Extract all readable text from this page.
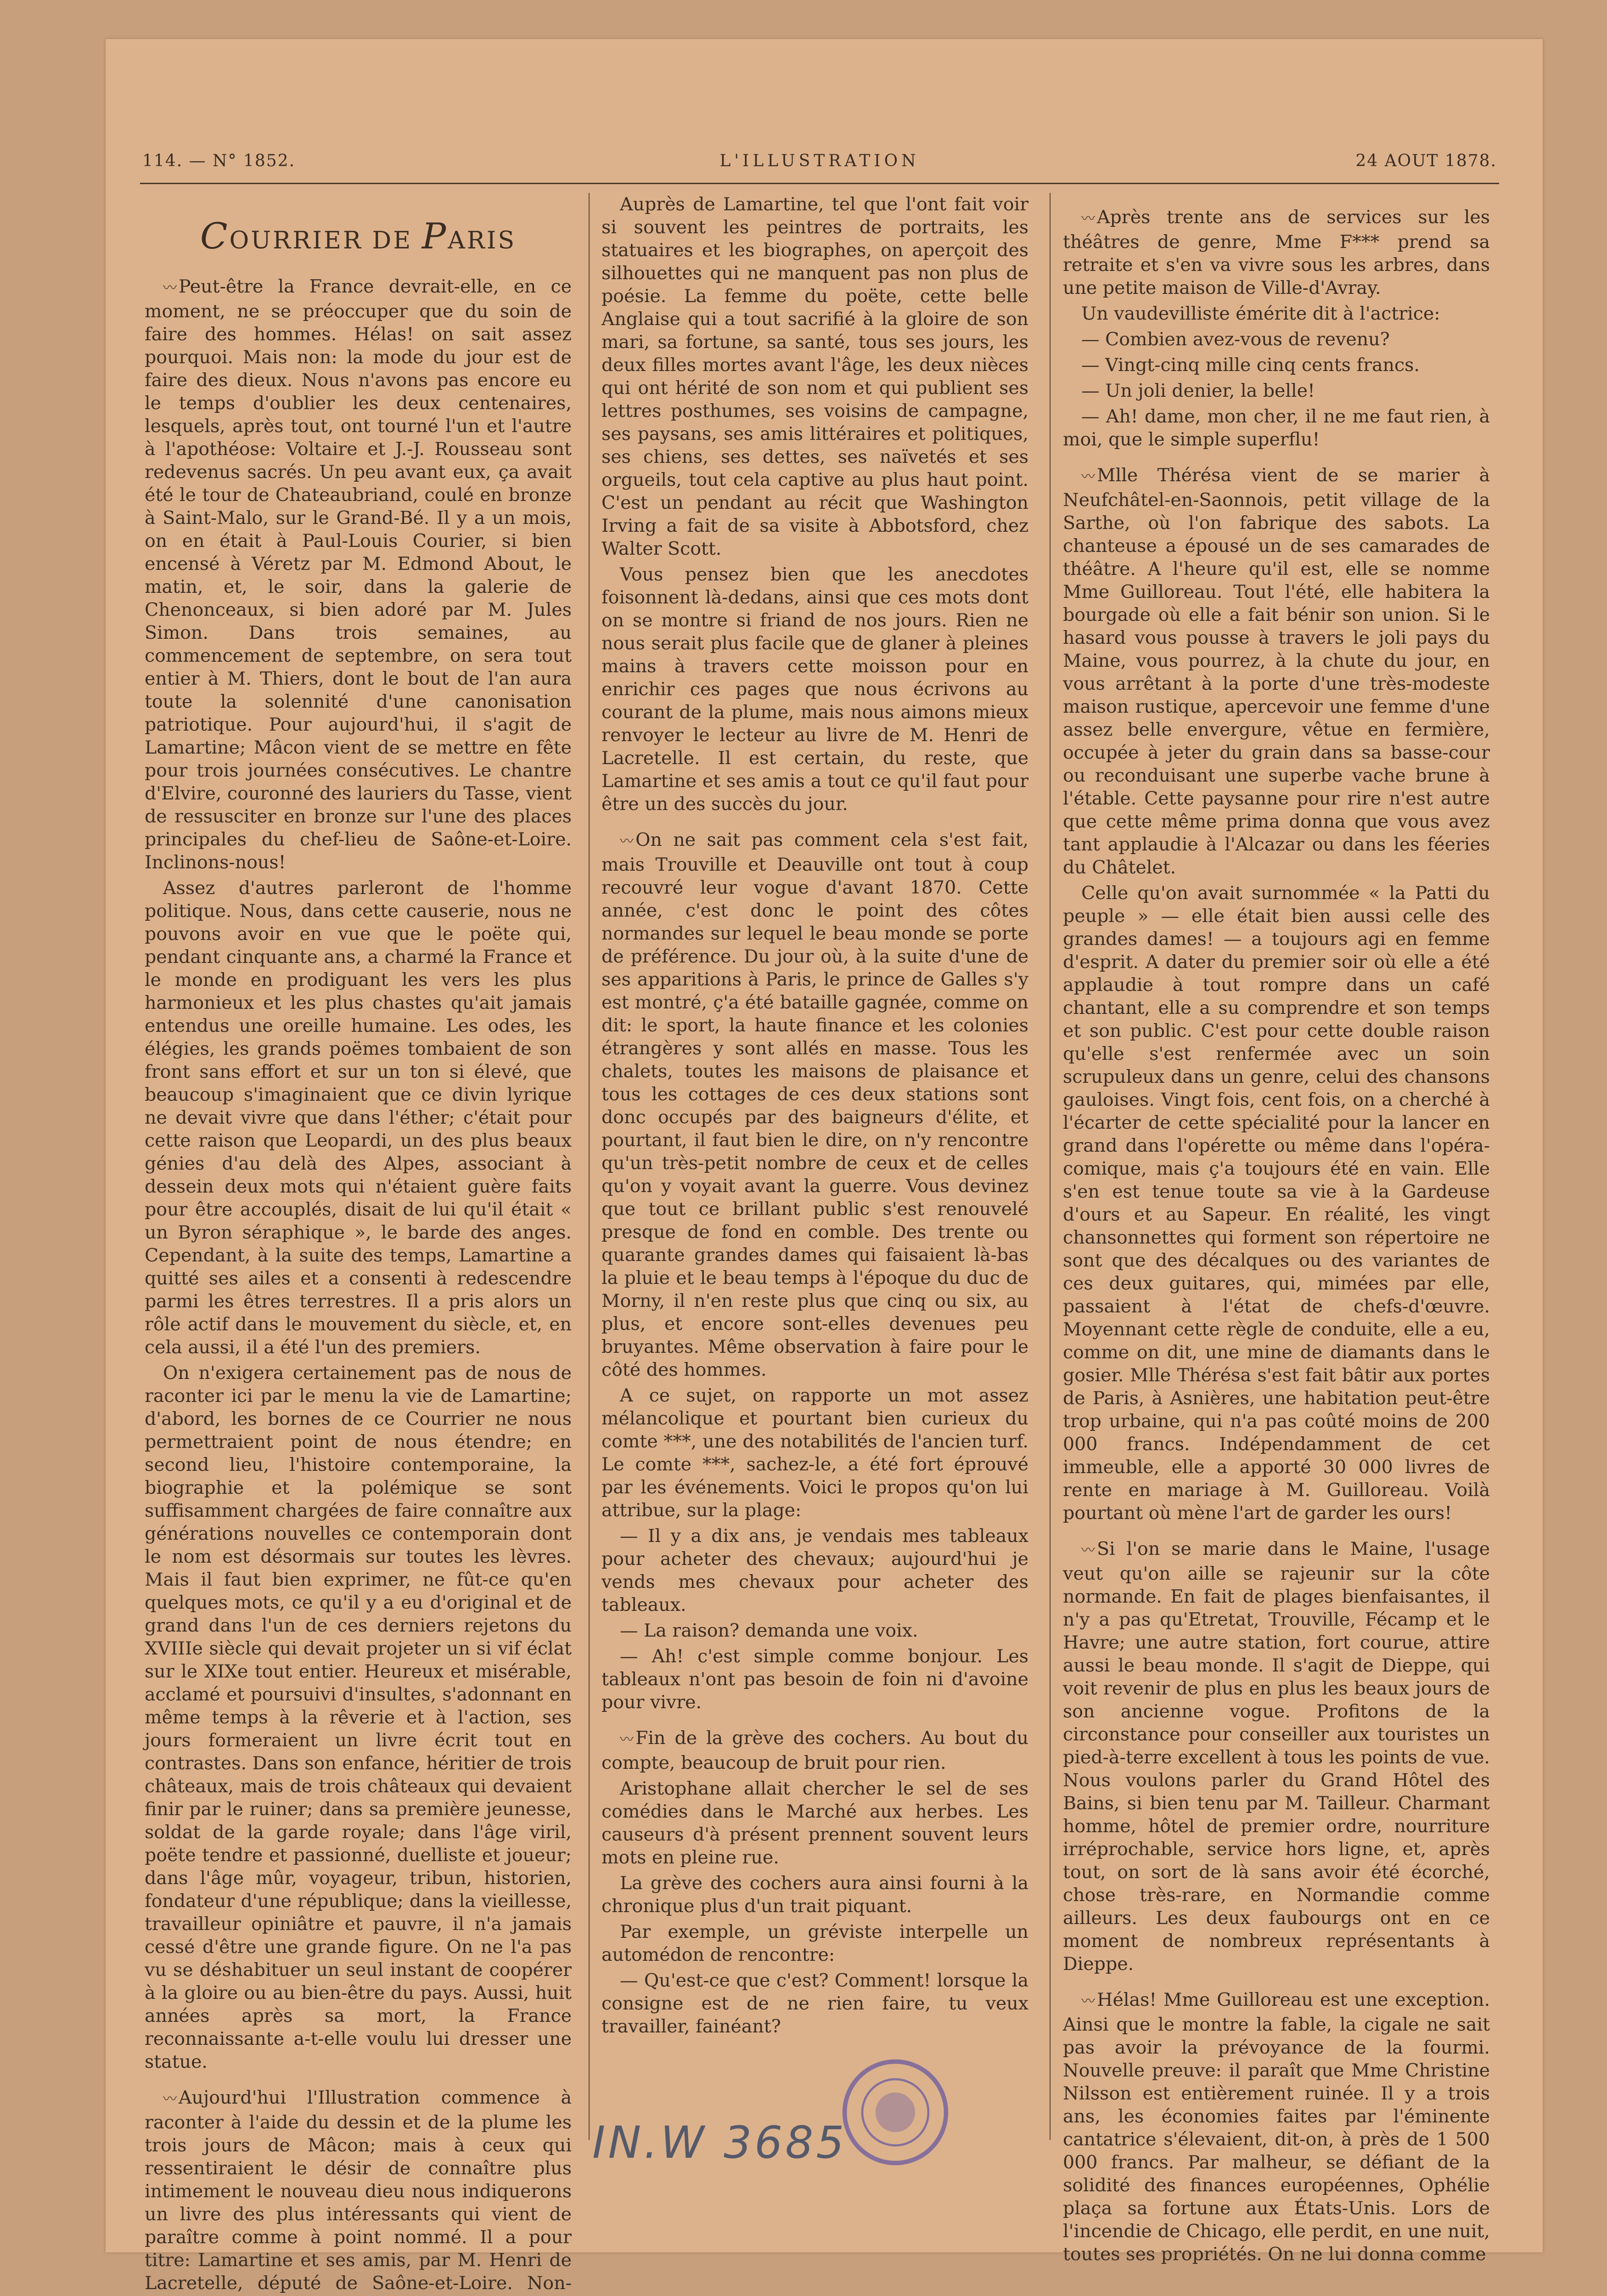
114. — N° 1852.	L'ILLUSTRATION	24 AOUT 1878.
COURRIER DE PARIS

〰 Peut-être la France devrait-elle, en ce moment, ne se préoccuper que du soin de faire des hommes. Hélas! on sait assez pourquoi. Mais non: la mode du jour est de faire des dieux. Nous n'avons pas encore eu le temps d'oublier les deux centenaires, lesquels, après tout, ont tourné l'un et l'autre à l'apothéose: Voltaire et J.-J. Rousseau sont redevenus sacrés. Un peu avant eux, ça avait été le tour de Chateaubriand, coulé en bronze à Saint-Malo, sur le Grand-Bé. Il y a un mois, on en était à Paul-Louis Courier, si bien encensé à Véretz par M. Edmond About, le matin, et, le soir, dans la galerie de Chenonceaux, si bien adoré par M. Jules Simon. Dans trois semaines, au commencement de septembre, on sera tout entier à M. Thiers, dont le bout de l'an aura toute la solennité d'une canonisation patriotique. Pour aujourd'hui, il s'agit de Lamartine; Mâcon vient de se mettre en fête pour trois journées consécutives. Le chantre d'Elvire, couronné des lauriers du Tasse, vient de ressusciter en bronze sur l'une des places principales du chef-lieu de Saône-et-Loire. Inclinons-nous!

Assez d'autres parleront de l'homme politique. Nous, dans cette causerie, nous ne pouvons avoir en vue que le poëte qui, pendant cinquante ans, a charmé la France et le monde en prodiguant les vers les plus harmonieux et les plus chastes qu'ait jamais entendus une oreille humaine. Les odes, les élégies, les grands poëmes tombaient de son front sans effort et sur un ton si élevé, que beaucoup s'imaginaient que ce divin lyrique ne devait vivre que dans l'éther; c'était pour cette raison que Leopardi, un des plus beaux génies d'au delà des Alpes, associant à dessein deux mots qui n'étaient guère faits pour être accouplés, disait de lui qu'il était « un Byron séraphique », le barde des anges. Cependant, à la suite des temps, Lamartine a quitté ses ailes et a consenti à redescendre parmi les êtres terrestres. Il a pris alors un rôle actif dans le mouvement du siècle, et, en cela aussi, il a été l'un des premiers.

On n'exigera certainement pas de nous de raconter ici par le menu la vie de Lamartine; d'abord, les bornes de ce Courrier ne nous permettraient point de nous étendre; en second lieu, l'histoire contemporaine, la biographie et la polémique se sont suffisamment chargées de faire connaître aux générations nouvelles ce contemporain dont le nom est désormais sur toutes les lèvres. Mais il faut bien exprimer, ne fût-ce qu'en quelques mots, ce qu'il y a eu d'original et de grand dans l'un de ces derniers rejetons du XVIIIe siècle qui devait projeter un si vif éclat sur le XIXe tout entier. Heureux et misérable, acclamé et poursuivi d'insultes, s'adonnant en même temps à la rêverie et à l'action, ses jours formeraient un livre écrit tout en contrastes. Dans son enfance, héritier de trois châteaux, mais de trois châteaux qui devaient finir par le ruiner; dans sa première jeunesse, soldat de la garde royale; dans l'âge viril, poëte tendre et passionné, duelliste et joueur; dans l'âge mûr, voyageur, tribun, historien, fondateur d'une république; dans la vieillesse, travailleur opiniâtre et pauvre, il n'a jamais cessé d'être une grande figure. On ne l'a pas vu se déshabituer un seul instant de coopérer à la gloire ou au bien-être du pays. Aussi, huit années après sa mort, la France reconnaissante a-t-elle voulu lui dresser une statue.

〰 Aujourd'hui l'Illustration commence à raconter à l'aide du dessin et de la plume les trois jours de Mâcon; mais à ceux qui ressentiraient le désir de connaître plus intimement le nouveau dieu nous indiquerons un livre des plus intéressants qui vient de paraître comme à point nommé. Il a pour titre: Lamartine et ses amis, par M. Henri de Lacretelle, député de Saône-et-Loire. Non-

Auprès de Lamartine, tel que l'ont fait voir si souvent les peintres de portraits, les statuaires et les biographes, on aperçoit des silhouettes qui ne manquent pas non plus de poésie. La femme du poëte, cette belle Anglaise qui a tout sacrifié à la gloire de son mari, sa fortune, sa santé, tous ses jours, les deux filles mortes avant l'âge, les deux nièces qui ont hérité de son nom et qui publient ses lettres posthumes, ses voisins de campagne, ses paysans, ses amis littéraires et politiques, ses chiens, ses dettes, ses naïvetés et ses orgueils, tout cela captive au plus haut point. C'est un pendant au récit que Washington Irving a fait de sa visite à Abbotsford, chez Walter Scott.

Vous pensez bien que les anecdotes foisonnent là-dedans, ainsi que ces mots dont on se montre si friand de nos jours. Rien ne nous serait plus facile que de glaner à pleines mains à travers cette moisson pour en enrichir ces pages que nous écrivons au courant de la plume, mais nous aimons mieux renvoyer le lecteur au livre de M. Henri de Lacretelle. Il est certain, du reste, que Lamartine et ses amis a tout ce qu'il faut pour être un des succès du jour.

〰 On ne sait pas comment cela s'est fait, mais Trouville et Deauville ont tout à coup recouvré leur vogue d'avant 1870. Cette année, c'est donc le point des côtes normandes sur lequel le beau monde se porte de préférence. Du jour où, à la suite d'une de ses apparitions à Paris, le prince de Galles s'y est montré, ç'a été bataille gagnée, comme on dit: le sport, la haute finance et les colonies étrangères y sont allés en masse. Tous les chalets, toutes les maisons de plaisance et tous les cottages de ces deux stations sont donc occupés par des baigneurs d'élite, et pourtant, il faut bien le dire, on n'y rencontre qu'un très-petit nombre de ceux et de celles qu'on y voyait avant la guerre. Vous devinez que tout ce brillant public s'est renouvelé presque de fond en comble. Des trente ou quarante grandes dames qui faisaient là-bas la pluie et le beau temps à l'époque du duc de Morny, il n'en reste plus que cinq ou six, au plus, et encore sont-elles devenues peu bruyantes. Même observation à faire pour le côté des hommes.

A ce sujet, on rapporte un mot assez mélancolique et pourtant bien curieux du comte ***, une des notabilités de l'ancien turf. Le comte ***, sachez-le, a été fort éprouvé par les événements. Voici le propos qu'on lui attribue, sur la plage:

— Il y a dix ans, je vendais mes tableaux pour acheter des chevaux; aujourd'hui je vends mes chevaux pour acheter des tableaux.

— La raison? demanda une voix.

— Ah! c'est simple comme bonjour. Les tableaux n'ont pas besoin de foin ni d'avoine pour vivre.

〰 Fin de la grève des cochers. Au bout du compte, beaucoup de bruit pour rien.

Aristophane allait chercher le sel de ses comédies dans le Marché aux herbes. Les causeurs d'à présent prennent souvent leurs mots en pleine rue.

La grève des cochers aura ainsi fourni à la chronique plus d'un trait piquant.

Par exemple, un gréviste interpelle un automédon de rencontre:

— Qu'est-ce que c'est? Comment! lorsque la consigne est de ne rien faire, tu veux travailler, fainéant?

〰 Après trente ans de services sur les théâtres de genre, Mme F*** prend sa retraite et s'en va vivre sous les arbres, dans une petite maison de Ville-d'Avray.

Un vaudevilliste émérite dit à l'actrice:

— Combien avez-vous de revenu?

— Vingt-cinq mille cinq cents francs.

— Un joli denier, la belle!

— Ah! dame, mon cher, il ne me faut rien, à moi, que le simple superflu!

〰 Mlle Thérésa vient de se marier à Neufchâtel-en-Saonnois, petit village de la Sarthe, où l'on fabrique des sabots. La chanteuse a épousé un de ses camarades de théâtre. A l'heure qu'il est, elle se nomme Mme Guilloreau. Tout l'été, elle habitera la bourgade où elle a fait bénir son union. Si le hasard vous pousse à travers le joli pays du Maine, vous pourrez, à la chute du jour, en vous arrêtant à la porte d'une très-modeste maison rustique, apercevoir une femme d'une assez belle envergure, vêtue en fermière, occupée à jeter du grain dans sa basse-cour ou reconduisant une superbe vache brune à l'étable. Cette paysanne pour rire n'est autre que cette même prima donna que vous avez tant applaudie à l'Alcazar ou dans les féeries du Châtelet.

Celle qu'on avait surnommée « la Patti du peuple » — elle était bien aussi celle des grandes dames! — a toujours agi en femme d'esprit. A dater du premier soir où elle a été applaudie à tout rompre dans un café chantant, elle a su comprendre et son temps et son public. C'est pour cette double raison qu'elle s'est renfermée avec un soin scrupuleux dans un genre, celui des chansons gauloises. Vingt fois, cent fois, on a cherché à l'écarter de cette spécialité pour la lancer en grand dans l'opérette ou même dans l'opéra-comique, mais ç'a toujours été en vain. Elle s'en est tenue toute sa vie à la Gardeuse d'ours et au Sapeur. En réalité, les vingt chansonnettes qui forment son répertoire ne sont que des décalques ou des variantes de ces deux guitares, qui, mimées par elle, passaient à l'état de chefs-d'œuvre. Moyennant cette règle de conduite, elle a eu, comme on dit, une mine de diamants dans le gosier. Mlle Thérésa s'est fait bâtir aux portes de Paris, à Asnières, une habitation peut-être trop urbaine, qui n'a pas coûté moins de 200 000 francs. Indépendamment de cet immeuble, elle a apporté 30 000 livres de rente en mariage à M. Guilloreau. Voilà pourtant où mène l'art de garder les ours!

〰 Si l'on se marie dans le Maine, l'usage veut qu'on aille se rajeunir sur la côte normande. En fait de plages bienfaisantes, il n'y a pas qu'Etretat, Trouville, Fécamp et le Havre; une autre station, fort courue, attire aussi le beau monde. Il s'agit de Dieppe, qui voit revenir de plus en plus les beaux jours de son ancienne vogue. Profitons de la circonstance pour conseiller aux touristes un pied-à-terre excellent à tous les points de vue. Nous voulons parler du Grand Hôtel des Bains, si bien tenu par M. Tailleur. Charmant homme, hôtel de premier ordre, nourriture irréprochable, service hors ligne, et, après tout, on sort de là sans avoir été écorché, chose très-rare, en Normandie comme ailleurs. Les deux faubourgs ont en ce moment de nombreux représentants à Dieppe.

〰 Hélas! Mme Guilloreau est une exception. Ainsi que le montre la fable, la cigale ne sait pas avoir la prévoyance de la fourmi. Nouvelle preuve: il paraît que Mme Christine Nilsson est entièrement ruinée. Il y a trois ans, les économies faites par l'éminente cantatrice s'élevaient, dit-on, à près de 1 500 000 francs. Par malheur, se défiant de la solidité des finances européennes, Ophélie plaça sa fortune aux États-Unis. Lors de l'incendie de Chicago, elle perdit, en une nuit, toutes ses propriétés. On ne lui donna comme

IN.W 3685
